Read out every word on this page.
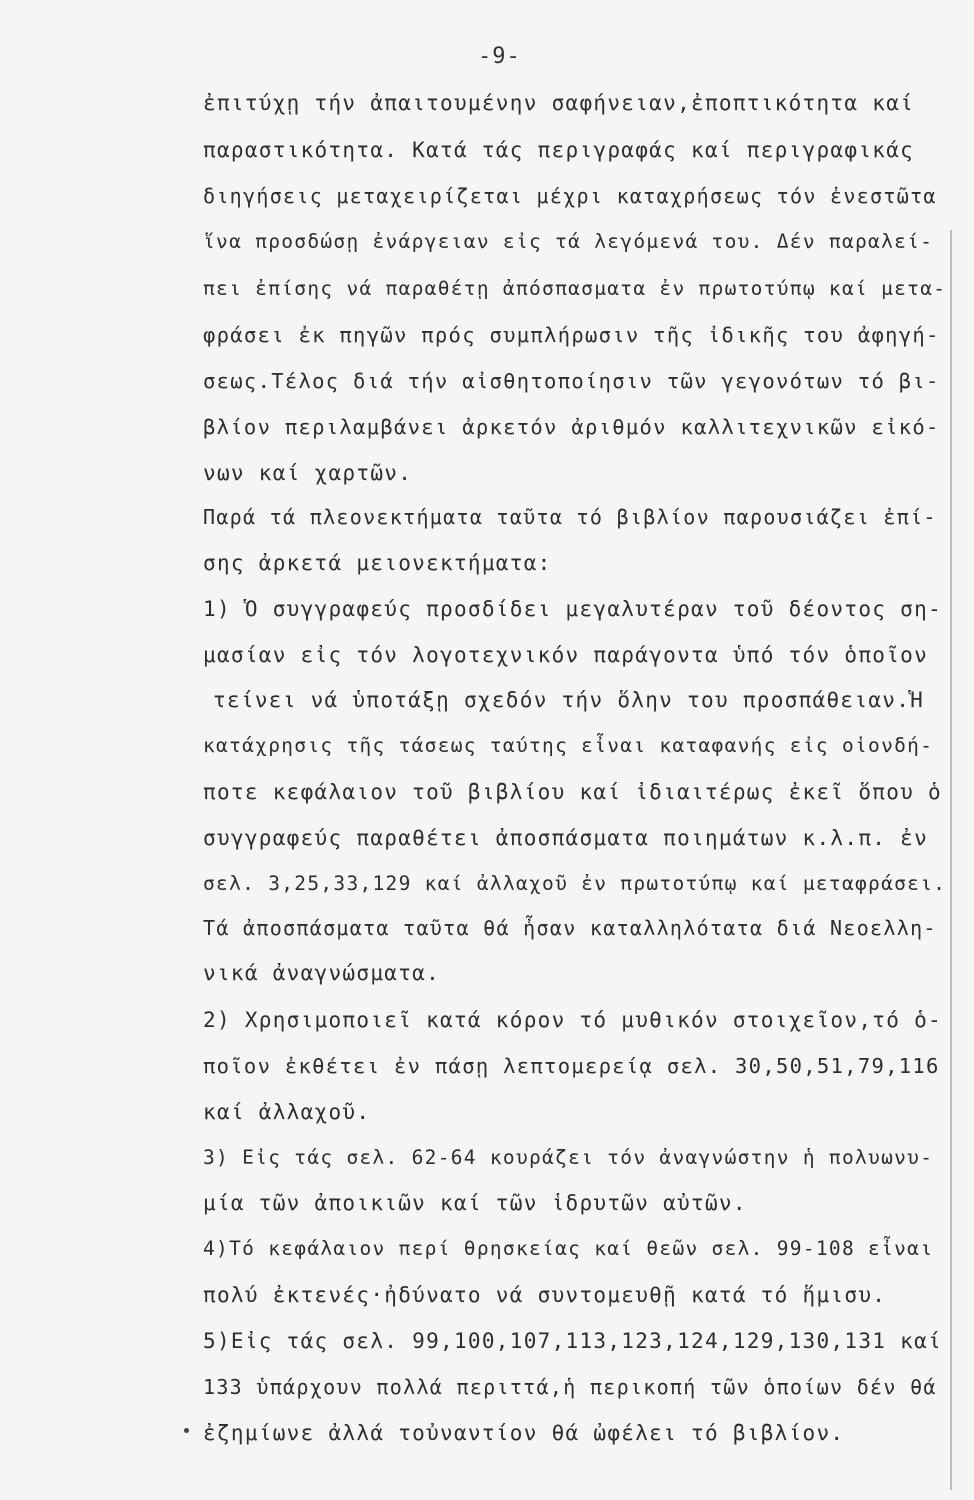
-9-
ἐπιτύχῃ τήν ἀπαιτουμένην σαφήνειαν,ἐποπτικότητα καί
παραστικότητα. Κατά τάς περιγραφάς καί περιγραφικάς
διηγήσεις μεταχειρίζεται μέχρι καταχρήσεως τόν ἐνεστῶτα
ἵνα προσδώσῃ ἐνάργειαν εἰς τά λεγόμενά του. Δέν παραλεί-
πει ἐπίσης νά παραθέτῃ ἀπόσπασματα ἐν πρωτοτύπῳ καί μετα-
φράσει ἐκ πηγῶν πρός συμπλήρωσιν τῆς ἰδικῆς του ἀφηγή-
σεως.Τέλος διά τήν αἰσθητοποίησιν τῶν γεγονότων τό βι-
βλίον περιλαμβάνει ἀρκετόν ἀριθμόν καλλιτεχνικῶν εἰκό-
νων καί χαρτῶν.
Παρά τά πλεονεκτήματα ταῦτα τό βιβλίον παρουσιάζει ἐπί-
σης ἀρκετά μειονεκτήματα:
1) Ὁ συγγραφεύς προσδίδει μεγαλυτέραν τοῦ δέοντος ση-
μασίαν εἰς τόν λογοτεχνικόν παράγοντα ὑπό τόν ὁποῖον
τείνει νά ὑποτάξῃ σχεδόν τήν ὅλην του προσπάθειαν.Ἡ
κατάχρησις τῆς τάσεως ταύτης εἶναι καταφανής εἰς οἱονδή-
ποτε κεφάλαιον τοῦ βιβλίου καί ἰδιαιτέρως ἐκεῖ ὅπου ὁ
συγγραφεύς παραθέτει ἀποσπάσματα ποιημάτων κ.λ.π. ἐν
σελ. 3,25,33,129 καί ἀλλαχοῦ ἐν πρωτοτύπῳ καί μεταφράσει.
Τά ἀποσπάσματα ταῦτα θά ἦσαν καταλληλότατα διά Νεοελλη-
νικά ἀναγνώσματα.
2) Χρησιμοποιεῖ κατά κόρον τό μυθικόν στοιχεῖον,τό ὁ-
ποῖον ἐκθέτει ἐν πάσῃ λεπτομερείᾳ σελ. 30,50,51,79,116
καί ἀλλαχοῦ.
3) Εἰς τάς σελ. 62-64 κουράζει τόν ἀναγνώστην ἡ πολυωνυ-
μία τῶν ἀποικιῶν καί τῶν ἱδρυτῶν αὐτῶν.
4)Τό κεφάλαιον περί θρησκείας καί θεῶν σελ. 99-108 εἶναι
πολύ ἐκτενές·ἠδύνατο νά συντομευθῇ κατά τό ἥμισυ.
5)Εἰς τάς σελ. 99,100,107,113,123,124,129,130,131 καί
133 ὑπάρχουν πολλά περιττά,ἡ περικοπή τῶν ὁποίων δέν θά
ἐζημίωνε ἀλλά τοὐναντίον θά ὠφέλει τό βιβλίον.
